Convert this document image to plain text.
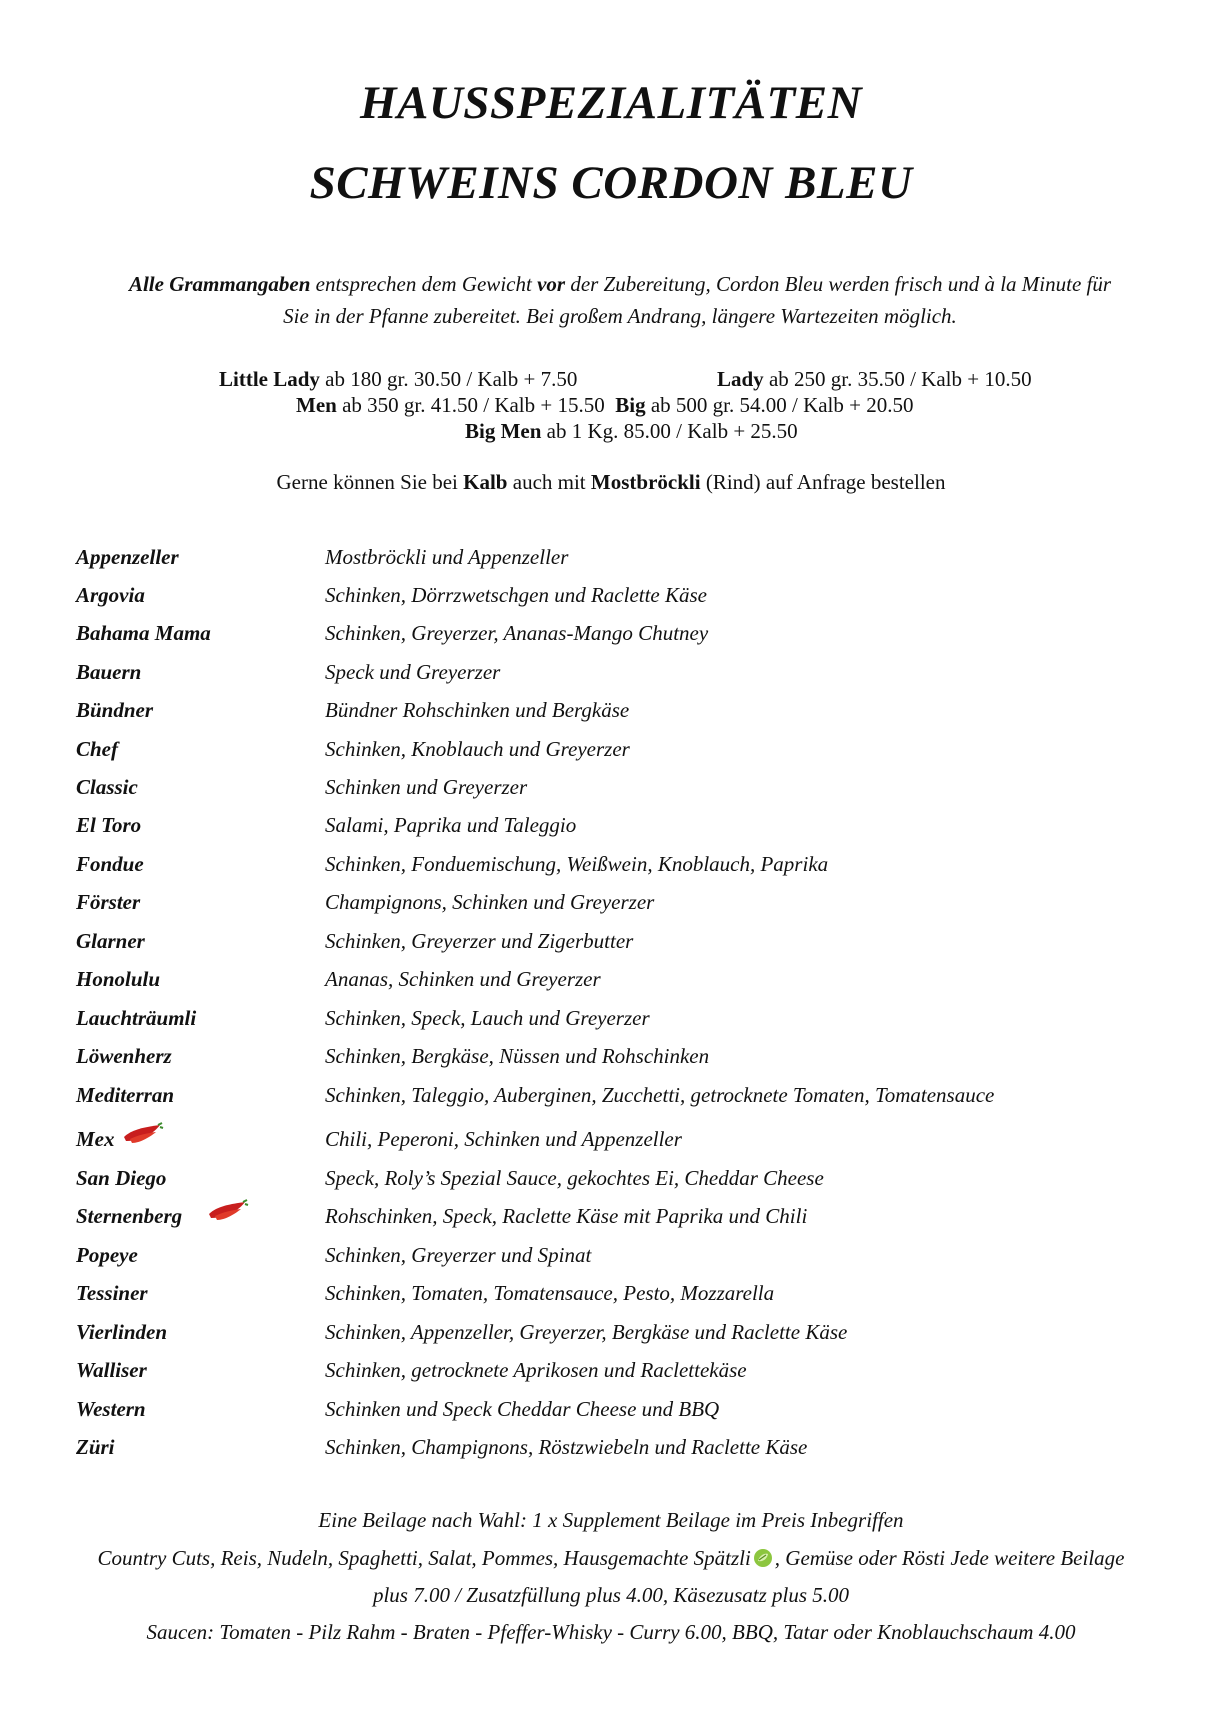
HAUSSPEZIALITÄTEN
SCHWEINS CORDON BLEU

Alle Grammangaben entsprechen dem Gewicht vor der Zubereitung, Cordon Bleu werden frisch und à la Minute für Sie in der Pfanne zubereitet. Bei großem Andrang, längere Wartezeiten möglich.

Little Lady ab 180 gr. 30.50 / Kalb + 7.50	Lady ab 250 gr. 35.50 / Kalb + 10.50
Men ab 350 gr. 41.50 / Kalb + 15.50 Big ab 500 gr. 54.00 / Kalb + 20.50
Big Men ab 1 Kg. 85.00 / Kalb + 25.50
Gerne können Sie bei Kalb auch mit Mostbröckli (Rind) auf Anfrage bestellen
Appenzeller	Mostbröckli und Appenzeller
Argovia	Schinken, Dörrzwetschgen und Raclette Käse
Bahama Mama	Schinken, Greyerzer, Ananas-Mango Chutney
Bauern	Speck und Greyerzer
Bündner	Bündner Rohschinken und Bergkäse
Chef	Schinken, Knoblauch und Greyerzer
Classic	Schinken und Greyerzer
El Toro	Salami, Paprika und Taleggio
Fondue	Schinken, Fonduemischung, Weißwein, Knoblauch, Paprika
Förster	Champignons, Schinken und Greyerzer
Glarner	Schinken, Greyerzer und Zigerbutter
Honolulu	Ananas, Schinken und Greyerzer
Lauchträumli	Schinken, Speck, Lauch und Greyerzer
Löwenherz	Schinken, Bergkäse, Nüssen und Rohschinken
Mediterran	Schinken, Taleggio, Auberginen, Zucchetti, getrocknete Tomaten, Tomatensauce
Mex	Chili, Peperoni, Schinken und Appenzeller
San Diego	Speck, Roly’s Spezial Sauce, gekochtes Ei, Cheddar Cheese
Sternenberg	Rohschinken, Speck, Raclette Käse mit Paprika und Chili
Popeye	Schinken, Greyerzer und Spinat
Tessiner	Schinken, Tomaten, Tomatensauce, Pesto, Mozzarella
Vierlinden	Schinken, Appenzeller, Greyerzer, Bergkäse und Raclette Käse
Walliser	Schinken, getrocknete Aprikosen und Raclettekäse
Western	Schinken und Speck Cheddar Cheese und BBQ
Züri	Schinken, Champignons, Röstzwiebeln und Raclette Käse
Eine Beilage nach Wahl: 1 x Supplement Beilage im Preis Inbegriffen
Country Cuts, Reis, Nudeln, Spaghetti, Salat, Pommes, Hausgemachte Spätzli , Gemüse oder Rösti Jede weitere Beilage
plus 7.00 / Zusatzfüllung plus 4.00, Käsezusatz plus 5.00
Saucen: Tomaten - Pilz Rahm - Braten - Pfeffer-Whisky - Curry 6.00, BBQ, Tatar oder Knoblauchschaum 4.00
